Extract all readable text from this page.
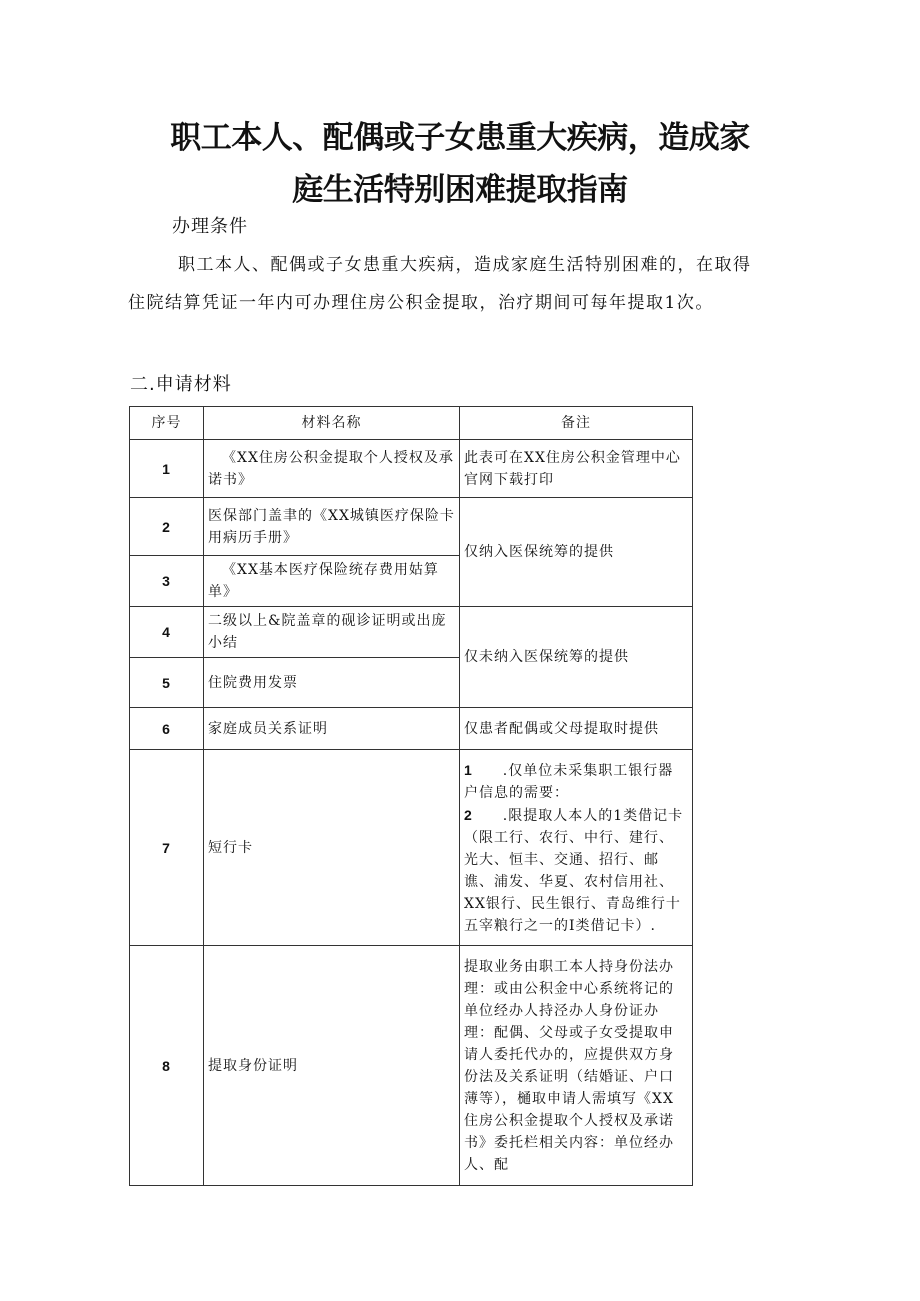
职工本人、配偶或子女患重大疾病，造成家
庭生活特别困难提取指南
办理条件
职工本人、配偶或子女患重大疾病，造成家庭生活特别困难的，在取得住院结算凭证一年内可办理住房公积金提取，治疗期间可每年提取1次。
二.申请材料
序号	材料名称	备注
1	《XX住房公积金提取个人授权及承诺书》	此表可在XX住房公积金管理中心官网下载打印
2	医保部门盖聿的《XX城镇医疗保险卡用病历手册》	仅纳入医保统筹的提供
3	《XX基本医疗保险统存费用姑算单》	
4	二级以上&院盖章的砚诊证明或出庞小结	仅未纳入医保统筹的提供
5	住院费用发票	
6	家庭成员关系证明	仅患者配偶或父母提取时提供
7	短行卡	1 .仅单位未采集职工银行器户信息的需要：
2 .限提取人本人的1类借记卡（限工行、农行、中行、建行、光大、恒丰、交通、招行、邮谯、浦发、华夏、农村信用社、XX银行、民生银行、青岛维行十五宰粮行之一的I类借记卡）.

8	提取身份证明	提取业务由职工本人持身份法办理：或由公积金中心系统将记的单位经办人持泾办人身份证办理：配偶、父母或子女受提取申请人委托代办的，应提供双方身份法及关系证明（结婚证、户口薄等），樋取申请人需填写《XX住房公积金提取个人授权及承诺书》委托栏相关内容：单位经办人、配
